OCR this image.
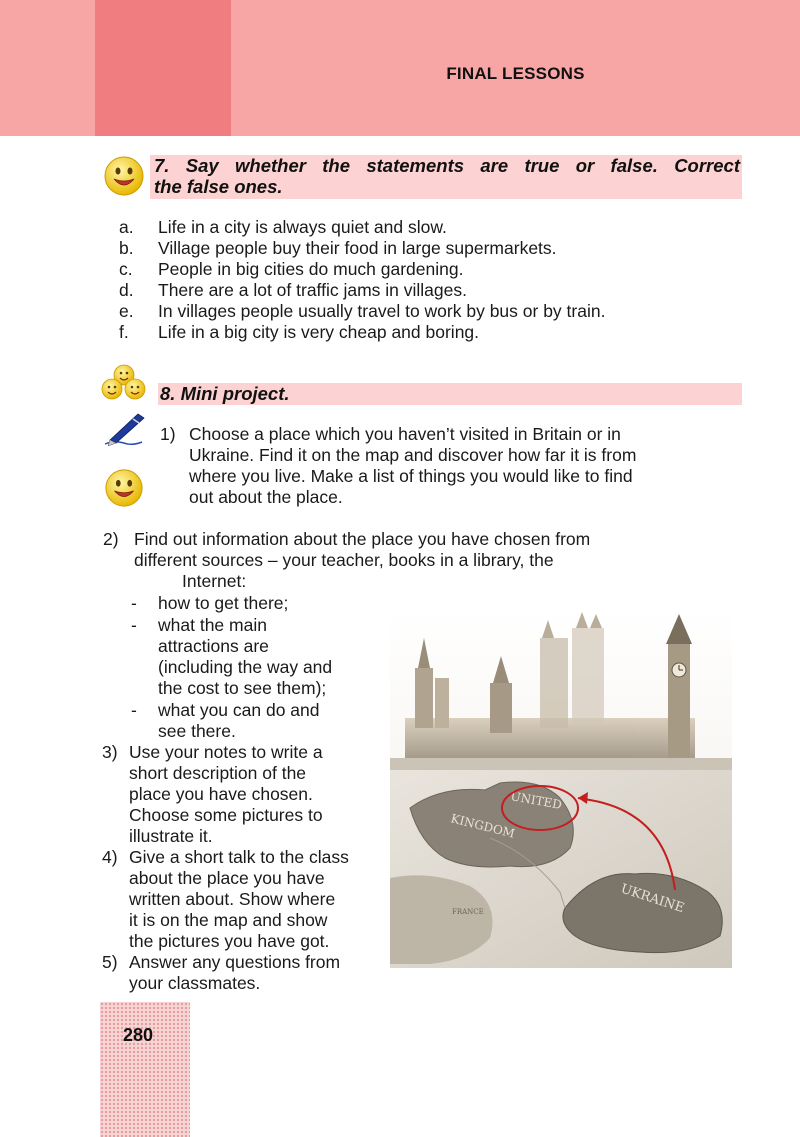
FINAL LESSONS
7. Say whether the statements are true or false. Correct
the false ones.
a. Life in a city is always quiet and slow.
b. Village people buy their food in large supermarkets.
c. People in big cities do much gardening.
d. There are a lot of traffic jams in villages.
e. In villages people usually travel to work by bus or by train.
f. Life in a big city is very cheap and boring.
8. Mini project.
1) Choose a place which you haven’t visited in Britain or in
Ukraine. Find it on the map and discover how far it is from
where you live. Make a list of things you would like to find
out about the place.
2) Find out information about the place you have chosen from
different sources – your teacher, books in a library, the
Internet:
- how to get there;
- what the main
attractions are
(including the way and
the cost to see them);
- what you can do and
see there.
3) Use your notes to write a
short description of the
place you have chosen.
Choose some pictures to
illustrate it.
4) Give a short talk to the class
about the place you have
written about. Show where
it is on the map and show
the pictures you have got.
5) Answer any questions from
your classmates.
UNITED
KINGDOM
UKRAINE
FRANCE
280
